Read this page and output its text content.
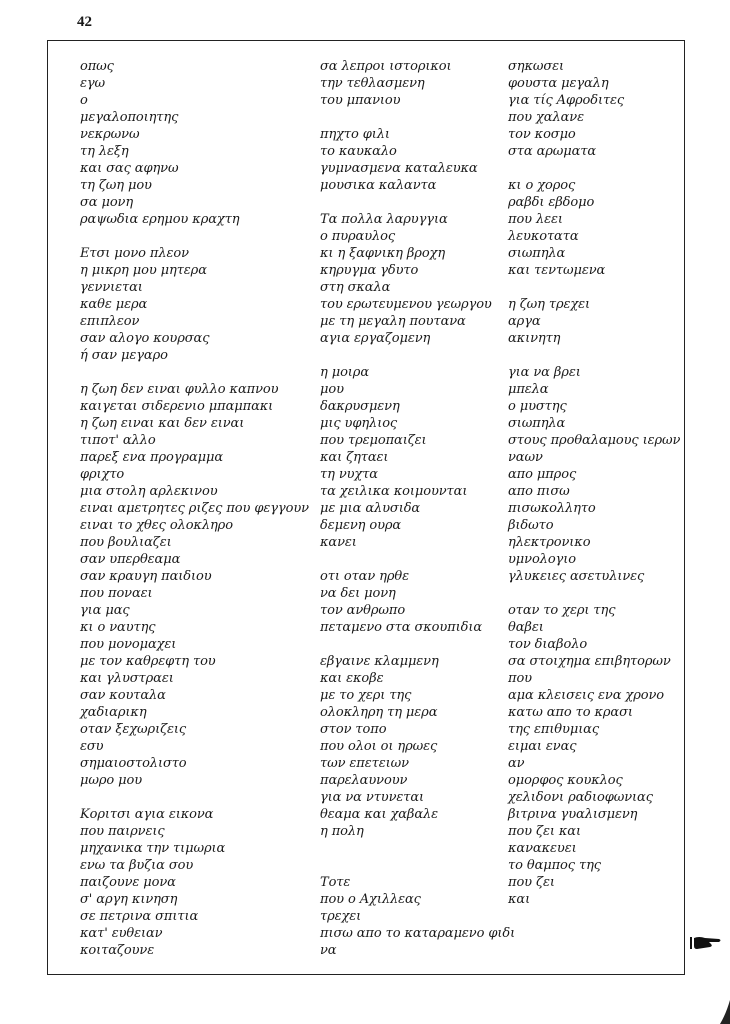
42
οπως
εγω
ο
μεγαλοποιητης
νεκρωνω
τη λεξη
και σας αφηνω
τη ζωη μου
σα μονη
ραψωδια ερημου κραχτη
Ετσι μονο πλεον
η μικρη μου μητερα
γεννιεται
καθε μερα
επιπλεον
σαν αλογο κουρσας
ή σαν μεγαρο
η ζωη δεν ειναι φυλλο καπνου
καιγεται σιδερενιο μπαμπακι
η ζωη ειναι και δεν ειναι
τιποτ' αλλο
παρεξ ενα προγραμμα
φριχτο
μια στολη αρλεκινου
ειναι αμετρητες ριζες που φεγγουν
ειναι το χθες ολοκληρο
που βουλιαζει
σαν υπερθεαμα
σαν κραυγη παιδιου
που ποναει
για μας
κι ο ναυτης
που μονομαχει
με τον καθρεφτη του
και γλυστραει
σαν κουταλα
χαδιαρικη
οταν ξεχωριζεις
εσυ
σημαιοστολιστο
μωρο μου
Κοριτσι αγια εικονα
που παιρνεις
μηχανικα την τιμωρια
ενω τα βυζια σου
παιζουνε μονα
σ' αργη κινηση
σε πετρινα σπιτια
κατ' ευθειαν
κοιταζουνε
σα λεπροι ιστορικοι
την τεθλασμενη
του μπανιου
πηχτο φιλι
το καυκαλο
γυμνασμενα καταλευκα
μουσικα καλαντα
Τα πολλα λαρυγγια
ο πυραυλος
κι η ξαφνικη βροχη
κηρυγμα γδυτο
στη σκαλα
του ερωτευμενου γεωργου
με τη μεγαλη πουτανα
αγια εργαζομενη
η μοιρα
μου
δακρυσμενη
μις υφηλιος
που τρεμοπαιζει
και ζηταει
τη νυχτα
τα χειλικα κοιμουνται
με μια αλυσιδα
δεμενη ουρα
κανει
οτι οταν ηρθε
να δει μονη
τον ανθρωπο
πεταμενο στα σκουπιδια
εβγαινε κλαμμενη
και εκοβε
με το χερι της
ολοκληρη τη μερα
στον τοπο
που ολοι οι ηρωες
των επετειων
παρελαυνουν
για να ντυνεται
θεαμα και χαβαλε
η πολη
Τοτε
που ο Αχιλλεας
τρεχει
πισω απο το καταραμενο φιδι
να
σηκωσει
φουστα μεγαλη
για τίς Αφροδιτες
που χαλανε
τον κοσμο
στα αρωματα
κι ο χορος
ραβδι εβδομο
που λεει
λευκοτατα
σιωπηλα
και τεντωμενα
η ζωη τρεχει
αργα
ακινητη
για να βρει
μπελα
ο μυστης
σιωπηλα
στους προθαλαμους ιερων
ναων
απο μπρος
απο πισω
πισωκολλητο
βιδωτο
ηλεκτρονικο
υμνολογιο
γλυκειες ασετυλινες
οταν το χερι της
θαβει
τον διαβολο
σα στοιχημα επιβητορων
που
αμα κλεισεις ενα χρονο
κατω απο το κρασι
της επιθυμιας
ειμαι ενας
αν
ομορφος κουκλος
χελιδονι ραδιοφωνιας
βιτρινα γυαλισμενη
που ζει και
κανακευει
το θαμπος της
που ζει
και
